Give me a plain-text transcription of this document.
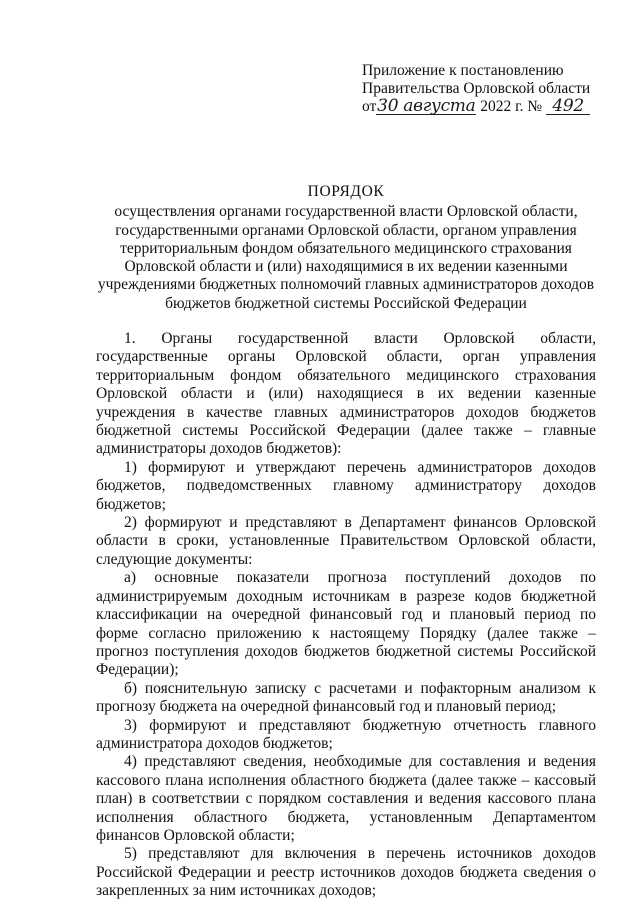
Приложение к постановлению
Правительства Орловской области
от30 августа 2022 г. № 492
ПОРЯДОК
осуществления органами государственной власти Орловской области,
государственными органами Орловской области, органом управления
территориальным фондом обязательного медицинского страхования
Орловской области и (или) находящимися в их ведении казенными
учреждениями бюджетных полномочий главных администраторов доходов
бюджетов бюджетной системы Российской Федерации

1. Органы государственной власти Орловской области, государственные органы Орловской области, орган управления территориальным фондом обязательного медицинского страхования Орловской области и (или) находящиеся в их ведении казенные учреждения в качестве главных администраторов доходов бюджетов бюджетной системы Российской Федерации (далее также – главные администраторы доходов бюджетов):

1) формируют и утверждают перечень администраторов доходов бюджетов, подведомственных главному администратору доходов бюджетов;

2) формируют и представляют в Департамент финансов Орловской области в сроки, установленные Правительством Орловской области, следующие документы:

а) основные показатели прогноза поступлений доходов по администрируемым доходным источникам в разрезе кодов бюджетной классификации на очередной финансовый год и плановый период по форме согласно приложению к настоящему Порядку (далее также – прогноз поступления доходов бюджетов бюджетной системы Российской Федерации);

б) пояснительную записку с расчетами и пофакторным анализом к прогнозу бюджета на очередной финансовый год и плановый период;

3) формируют и представляют бюджетную отчетность главного администратора доходов бюджетов;

4) представляют сведения, необходимые для составления и ведения кассового плана исполнения областного бюджета (далее также – кассовый план) в соответствии с порядком составления и ведения кассового плана исполнения областного бюджета, установленным Департаментом финансов Орловской области;

5) представляют для включения в перечень источников доходов Российской Федерации и реестр источников доходов бюджета сведения о закрепленных за ним источниках доходов;
